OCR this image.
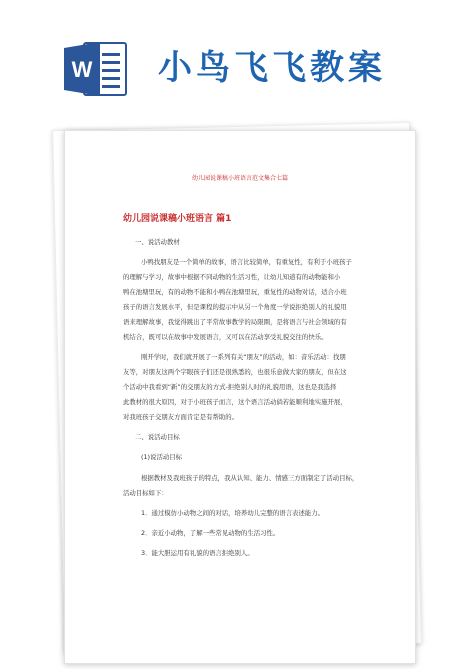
W 小鸟飞飞教案
幼儿园说课稿小班语言范文集合七篇
幼儿园说课稿小班语言 篇1
一、说活动教材
小鸭找朋友是一个简单的故事，语言比较简单，有重复性，有利于小班孩子
的理解与学习，故事中根据不同动物的生活习性，让幼儿知道有的动物能和小
鸭在池塘里玩，有的动物不能和小鸭在池塘里玩，重复性的动物对话，适合小班
孩子的语言发展水平，但是课程的提示中从另一个角度一学说拒绝别人的礼貌用
语来理解故事，我觉得跳出了平常故事教学的局限圈，是将语言与社会领域的有
机结合，既可以在故事中发展语言，又可以在活动享受礼貌交往的快乐。
刚开学时，我们就开展了一系列有关“朋友”的活动，如：音乐活动：找朋
友等，对朋友这两个字眼孩子们还是很熟悉的，也很乐意做大家的朋友，但在这
个活动中我看到“新”的交朋友的方式-拒绝别人时的礼貌用语，这也是我选择
此教材的很大原因，对于小班孩子而言，这个语言活动倘若能顺利地实施开展，
对我班孩子交朋友方面肯定是有帮助的。
二、说活动目标
(1)说活动目标
根据教材及我班孩子的特点，我从认知、能力、情感三方面制定了活动目标，
活动目标如下：
1．通过模仿小动物之间的对话，培养幼儿完整的语言表述能力。
2．亲近小动物，了解一些常见动物的生活习性。
3．能大胆运用有礼貌的语言拒绝别人。
